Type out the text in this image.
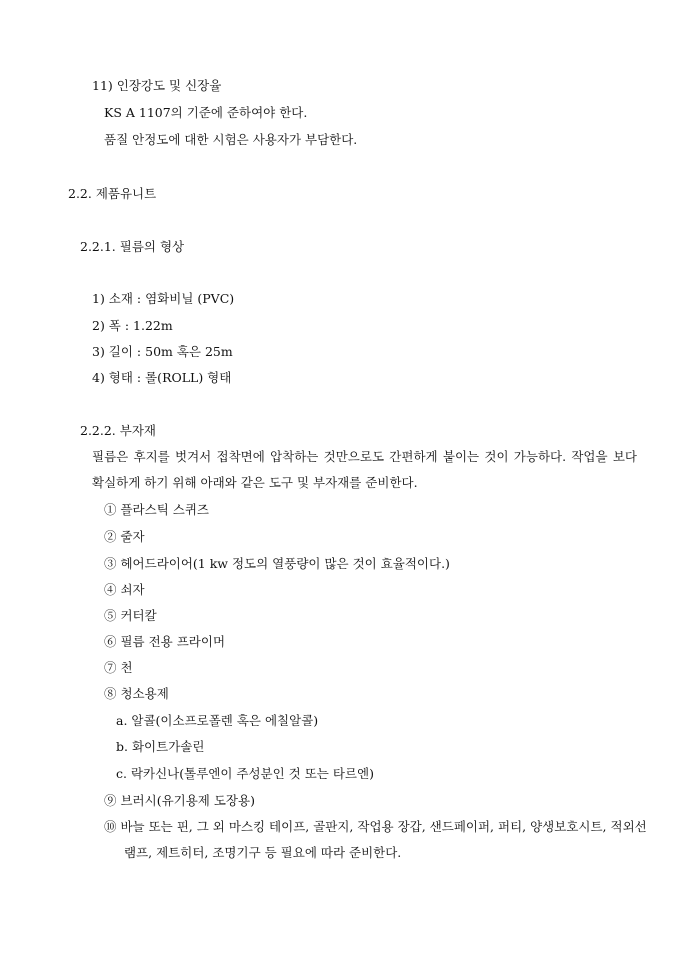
11) 인장강도 및 신장율
KS A 1107의 기준에 준하여야 한다.
품질 안정도에 대한 시험은 사용자가 부담한다.
2.2. 제품유니트
2.2.1. 필름의 형상
1) 소재 : 염화비닐 (PVC)
2) 폭 : 1.22m
3) 길이 : 50m 혹은 25m
4) 형태 : 롤(ROLL) 형태
2.2.2. 부자재
필름은 후지를 벗겨서 접착면에 압착하는 것만으로도 간편하게 붙이는 것이 가능하다. 작업을 보다 확실하게 하기 위해 아래와 같은 도구 및 부자재를 준비한다.
① 플라스틱 스퀴즈
② 줄자
③ 헤어드라이어(1 kw 정도의 열풍량이 많은 것이 효율적이다.)
④ 쇠자
⑤ 커터칼
⑥ 필름 전용 프라이머
⑦ 천
⑧ 청소용제
a. 알콜(이소프로폴렌 혹은 에칠알콜)
b. 화이트가솔린
c. 락카신나(톨루엔이 주성분인 것 또는 타르엔)
⑨ 브러시(유기용제 도장용)
⑩ 바늘 또는 핀, 그 외 마스킹 테이프, 골판지, 작업용 장갑, 샌드페이퍼, 퍼티, 양생보호시트, 적외선 램프, 제트히터, 조명기구 등 필요에 따라 준비한다.
